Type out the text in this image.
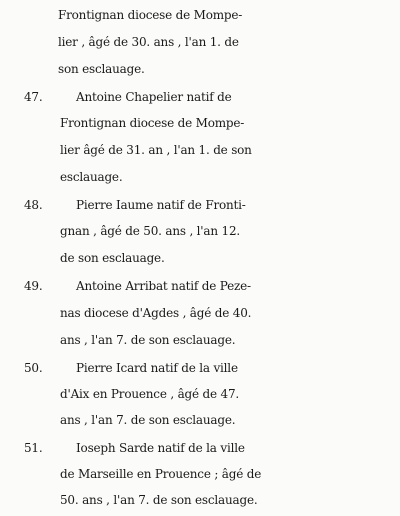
Frontignan diocese de Mompe-
lier , âgé de 30. ans , l'an 1. de
son esclauage.
47.	Antoine Chapelier natif de
Frontignan diocese de Mompe-
lier âgé de 31. an , l'an 1. de son
esclauage.
48.	Pierre Iaume natif de Fronti-
gnan , âgé de 50. ans , l'an 12.
de son esclauage.
49.	Antoine Arribat natif de Peze-
nas diocese d'Agdes , âgé de 40.
ans , l'an 7. de son esclauage.
50.	Pierre Icard natif de la ville
d'Aix en Prouence , âgé de 47.
ans , l'an 7. de son esclauage.
51.	Ioseph Sarde natif de la ville
de Marseille en Prouence ; âgé de
50. ans , l'an 7. de son esclauage.
